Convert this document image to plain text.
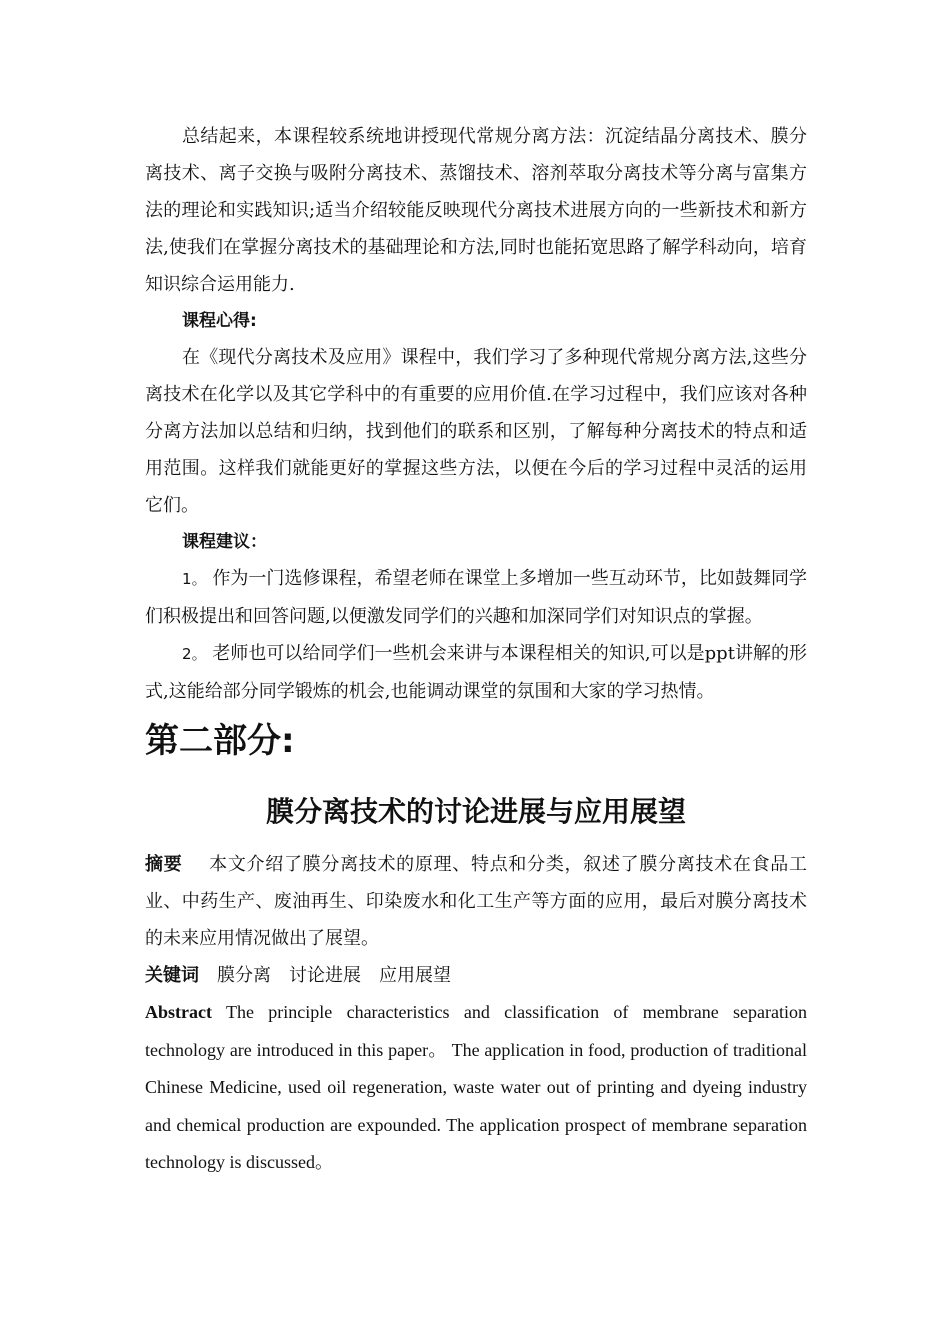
总结起来，本课程较系统地讲授现代常规分离方法：沉淀结晶分离技术、膜分离技术、离子交换与吸附分离技术、蒸馏技术、溶剂萃取分离技术等分离与富集方法的理论和实践知识;适当介绍较能反映现代分离技术进展方向的一些新技术和新方法,使我们在掌握分离技术的基础理论和方法,同时也能拓宽思路了解学科动向，培育知识综合运用能力.

课程心得:

在《现代分离技术及应用》课程中，我们学习了多种现代常规分离方法,这些分离技术在化学以及其它学科中的有重要的应用价值.在学习过程中，我们应该对各种分离方法加以总结和归纳，找到他们的联系和区别，了解每种分离技术的特点和适用范围。这样我们就能更好的掌握这些方法，以便在今后的学习过程中灵活的运用它们。

课程建议：

1。 作为一门选修课程，希望老师在课堂上多增加一些互动环节，比如鼓舞同学们积极提出和回答问题,以便激发同学们的兴趣和加深同学们对知识点的掌握。

2。 老师也可以给同学们一些机会来讲与本课程相关的知识,可以是ppt讲解的形式,这能给部分同学锻炼的机会,也能调动课堂的氛围和大家的学习热情。

第二部分:
膜分离技术的讨论进展与应用展望

摘要 本文介绍了膜分离技术的原理、特点和分类，叙述了膜分离技术在食品工业、中药生产、废油再生、印染废水和化工生产等方面的应用，最后对膜分离技术的未来应用情况做出了展望。

关键词 膜分离 讨论进展 应用展望

Abstract The principle characteristics and classification of membrane separation technology are introduced in this paper。 The application in food, production of traditional Chinese Medicine, used oil regeneration, waste water out of printing and dyeing industry and chemical production are expounded. The application prospect of membrane separation technology is discussed。
